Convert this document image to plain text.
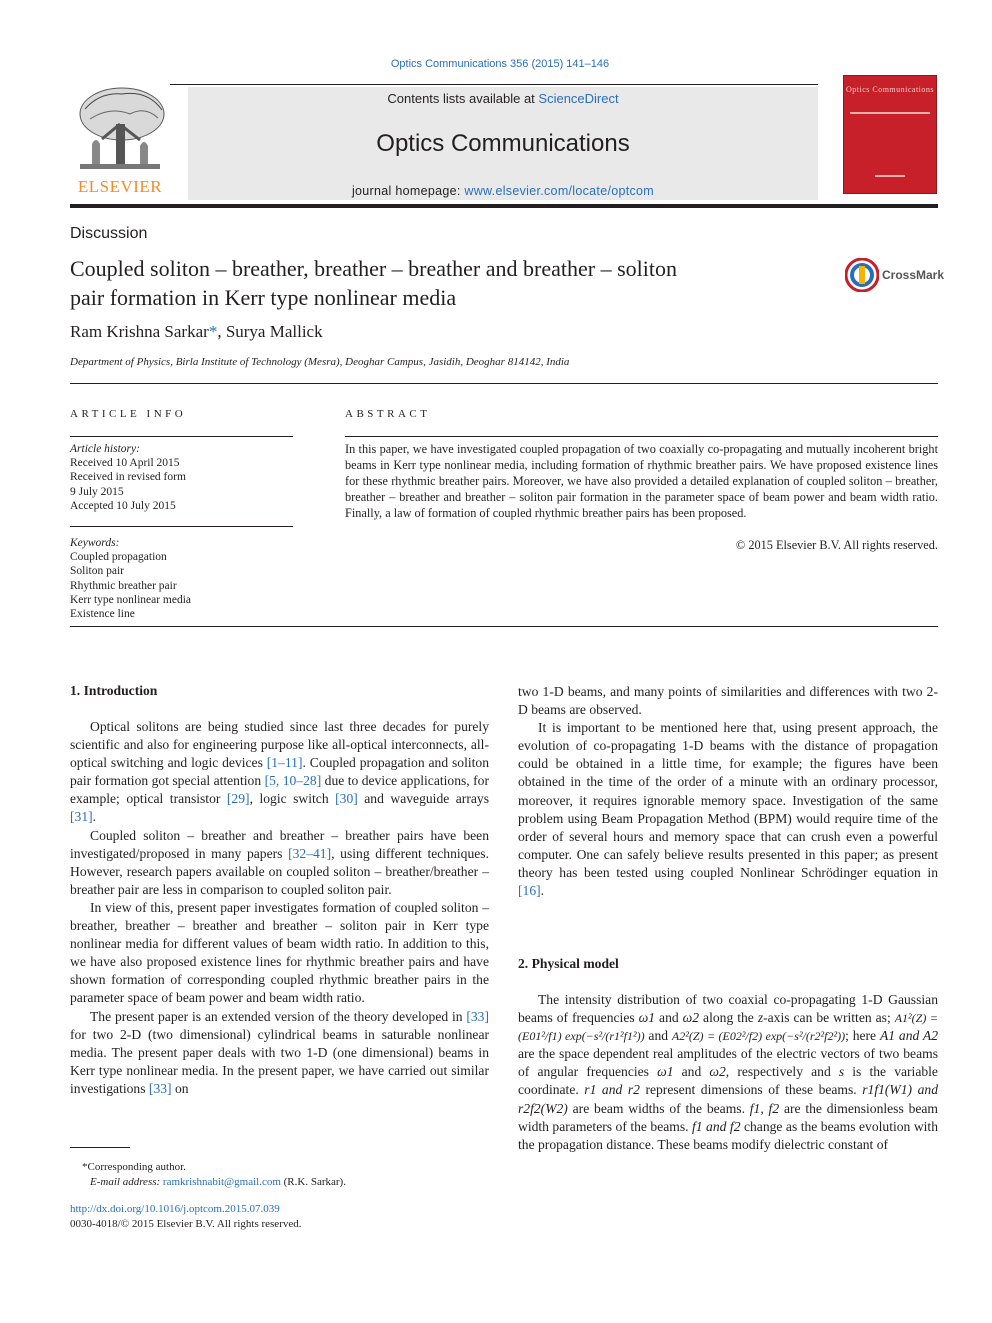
Optics Communications 356 (2015) 141–146
ELSEVIER
Contents lists available at ScienceDirect
Optics Communications
journal homepage: www.elsevier.com/locate/optcom
Optics Communications
Discussion
Coupled soliton – breather, breather – breather and breather – soliton
pair formation in Kerr type nonlinear media
CrossMark
Ram Krishna Sarkar*, Surya Mallick
Department of Physics, Birla Institute of Technology (Mesra), Deoghar Campus, Jasidih, Deoghar 814142, India
ARTICLE INFO
Article history:
Received 10 April 2015
Received in revised form
9 July 2015
Accepted 10 July 2015
Keywords:
Coupled propagation
Soliton pair
Rhythmic breather pair
Kerr type nonlinear media
Existence line
ABSTRACT
In this paper, we have investigated coupled propagation of two coaxially co-propagating and mutually incoherent bright beams in Kerr type nonlinear media, including formation of rhythmic breather pairs. We have proposed existence lines for these rhythmic breather pairs. Moreover, we have also provided a detailed explanation of coupled soliton – breather, breather – breather and breather – soliton pair formation in the parameter space of beam power and beam width ratio. Finally, a law of formation of coupled rhythmic breather pairs has been proposed.
© 2015 Elsevier B.V. All rights reserved.
1. Introduction

Optical solitons are being studied since last three decades for purely scientific and also for engineering purpose like all-optical interconnects, all-optical switching and logic devices [1–11]. Coupled propagation and soliton pair formation got special attention [5, 10–28] due to device applications, for example; optical transistor [29], logic switch [30] and waveguide arrays [31].

Coupled soliton – breather and breather – breather pairs have been investigated/proposed in many papers [32–41], using different techniques. However, research papers available on coupled soliton – breather/breather – breather pair are less in comparison to coupled soliton pair.

In view of this, present paper investigates formation of coupled soliton – breather, breather – breather and breather – soliton pair in Kerr type nonlinear media for different values of beam width ratio. In addition to this, we have also proposed existence lines for rhythmic breather pairs and have shown formation of corresponding coupled rhythmic breather pairs in the parameter space of beam power and beam width ratio.

The present paper is an extended version of the theory developed in [33] for two 2-D (two dimensional) cylindrical beams in saturable nonlinear media. The present paper deals with two 1-D (one dimensional) beams in Kerr type nonlinear media. In the present paper, we have carried out similar investigations [33] on

*Corresponding author.
E-mail address: ramkrishnabit@gmail.com (R.K. Sarkar).
http://dx.doi.org/10.1016/j.optcom.2015.07.039
0030-4018/© 2015 Elsevier B.V. All rights reserved.

two 1-D beams, and many points of similarities and differences with two 2-D beams are observed.

It is important to be mentioned here that, using present approach, the evolution of co-propagating 1-D beams with the distance of propagation could be obtained in a little time, for example; the figures have been obtained in the time of the order of a minute with an ordinary processor, moreover, it requires ignorable memory space. Investigation of the same problem using Beam Propagation Method (BPM) would require time of the order of several hours and memory space that can crush even a powerful computer. One can safely believe results presented in this paper; as present theory has been tested using coupled Nonlinear Schrödinger equation in [16].

2. Physical model

The intensity distribution of two coaxial co-propagating 1-D Gaussian beams of frequencies ω1 and ω2 along the z-axis can be written as; A1²(Z) = (E01²/f1) exp(−s²/(r1²f1²)) and A2²(Z) = (E02²/f2) exp(−s²/(r2²f2²)); here A1 and A2 are the space dependent real amplitudes of the electric vectors of two beams of angular frequencies ω1 and ω2, respectively and s is the variable coordinate. r1 and r2 represent dimensions of these beams. r1f1(W1) and r2f2(W2) are beam widths of the beams. f1, f2 are the dimensionless beam width parameters of the beams. f1 and f2 change as the beams evolution with the propagation distance. These beams modify dielectric constant of
